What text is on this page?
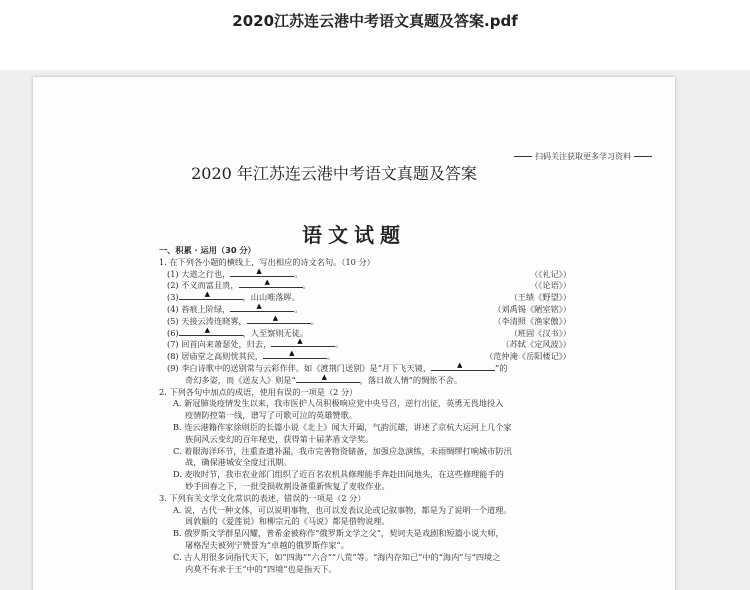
2020江苏连云港中考语文真题及答案.pdf
扫码关注获取更多学习资料
2020 年江苏连云港中考语文真题及答案
语文试题
一、积累 · 运用（30 分）
1. 在下列各小题的横线上，写出相应的诗文名句。（10 分）
(1) 大道之行也， ▲	。	（《礼记》）
(2) 不义而富且贵， ▲	。	（《论语》）
(3) ▲	，山山唯落晖。	（王绩《野望》）
(4) 苔痕上阶绿， ▲	。	（刘禹锡《陋室铭》）
(5) 天接云涛连晓雾， ▲	。	（李清照《渔家傲》）
(6) ▲	，人至察则无徒。	（班固《汉书》）
(7) 回首向来萧瑟处，归去， ▲	。	（苏轼《定风波》）
(8) 居庙堂之高则忧其民， ▲	。	（范仲淹《岳阳楼记》）
(9) 李白诗歌中的送别常与云彩作伴。如《渡荆门送别》是“月下飞天镜， ▲	”的
奇幻多姿，而《送友人》则是“ ▲	，落日故人情”的惆怅不舍。
2. 下列各句中加点的成语，使用有误的一项是（2 分）
A. 新冠肺炎疫情发生以来，我市医护人员积极响应党中央号召，逆行出征，英勇无畏地投入
疫情防控第一线，谱写了可歌可泣的英雄赞歌。
B. 连云港籍作家徐则臣的长篇小说《北上》闻大开阖，气韵沉雄，讲述了京杭大运河上几个家
族间风云变幻的百年秘史，获得第十届茅盾文学奖。
C. 着眼海洋环节，注重查遗补漏，我市完善物资储备，加强应急演练，未雨绸缪打响城市防汛
战，确保港城安全度过汛期。
D. 麦收时节，我市农业部门组织了近百名农机具修理能手奔赴田间地头，在这些修理能手的
妙手回春之下，一批受损收割设备重新恢复了麦收作业。
3. 下列有关文学文化常识的表述，错误的一项是（2 分）
A. 说，古代一种文体，可以说明事物，也可以发表议论或记叙事物，都是为了说明一个道理。
周敦颐的《爱莲说》和柳宗元的《马说》都是借物说理。
B. 俄罗斯文学群星闪耀，普希金被称作“俄罗斯文学之父”，契诃夫是戏剧和短篇小说大师，
屠格涅夫被列宁赞誉为“卓越的俄罗斯作家”。
C. 古人用很多词指代天下，如“四海”“六合”“八荒”等。“海内存知己”中的“海内”与“四境之
内莫不有求于王”中的“四境”也是指天下。
